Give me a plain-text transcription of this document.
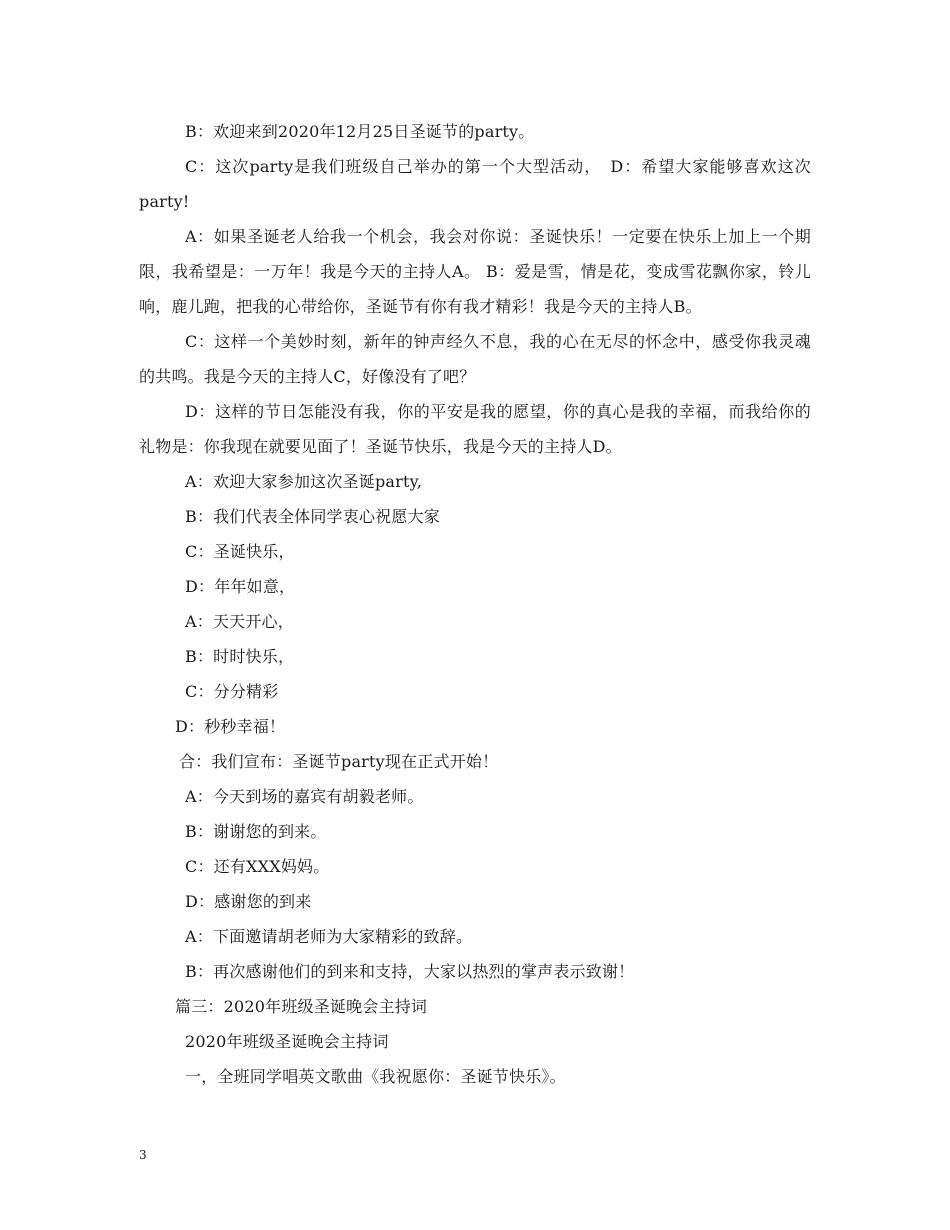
B：欢迎来到2020年12月25日圣诞节的party。

C：这次party是我们班级自己举办的第一个大型活动，　D：希望大家能够喜欢这次party!

A：如果圣诞老人给我一个机会，我会对你说：圣诞快乐！一定要在快乐上加上一个期限，我希望是：一万年！我是今天的主持人A。 B：爱是雪，情是花，变成雪花飘你家，铃儿响，鹿儿跑，把我的心带给你，圣诞节有你有我才精彩！我是今天的主持人B。

C：这样一个美妙时刻，新年的钟声经久不息，我的心在无尽的怀念中，感受你我灵魂的共鸣。我是今天的主持人C，好像没有了吧？

D：这样的节日怎能没有我，你的平安是我的愿望，你的真心是我的幸福，而我给你的礼物是：你我现在就要见面了！圣诞节快乐，我是今天的主持人D。

A：欢迎大家参加这次圣诞party,

B：我们代表全体同学衷心祝愿大家

C：圣诞快乐，

D：年年如意，

A：天天开心，

B：时时快乐，

C：分分精彩

D：秒秒幸福！

合：我们宣布：圣诞节party现在正式开始！

A：今天到场的嘉宾有胡毅老师。

B：谢谢您的到来。

C：还有XXX妈妈。

D：感谢您的到来

A：下面邀请胡老师为大家精彩的致辞。

B：再次感谢他们的到来和支持，大家以热烈的掌声表示致谢！

篇三：2020年班级圣诞晚会主持词

2020年班级圣诞晚会主持词

一，全班同学唱英文歌曲《我祝愿你：圣诞节快乐》。

3
